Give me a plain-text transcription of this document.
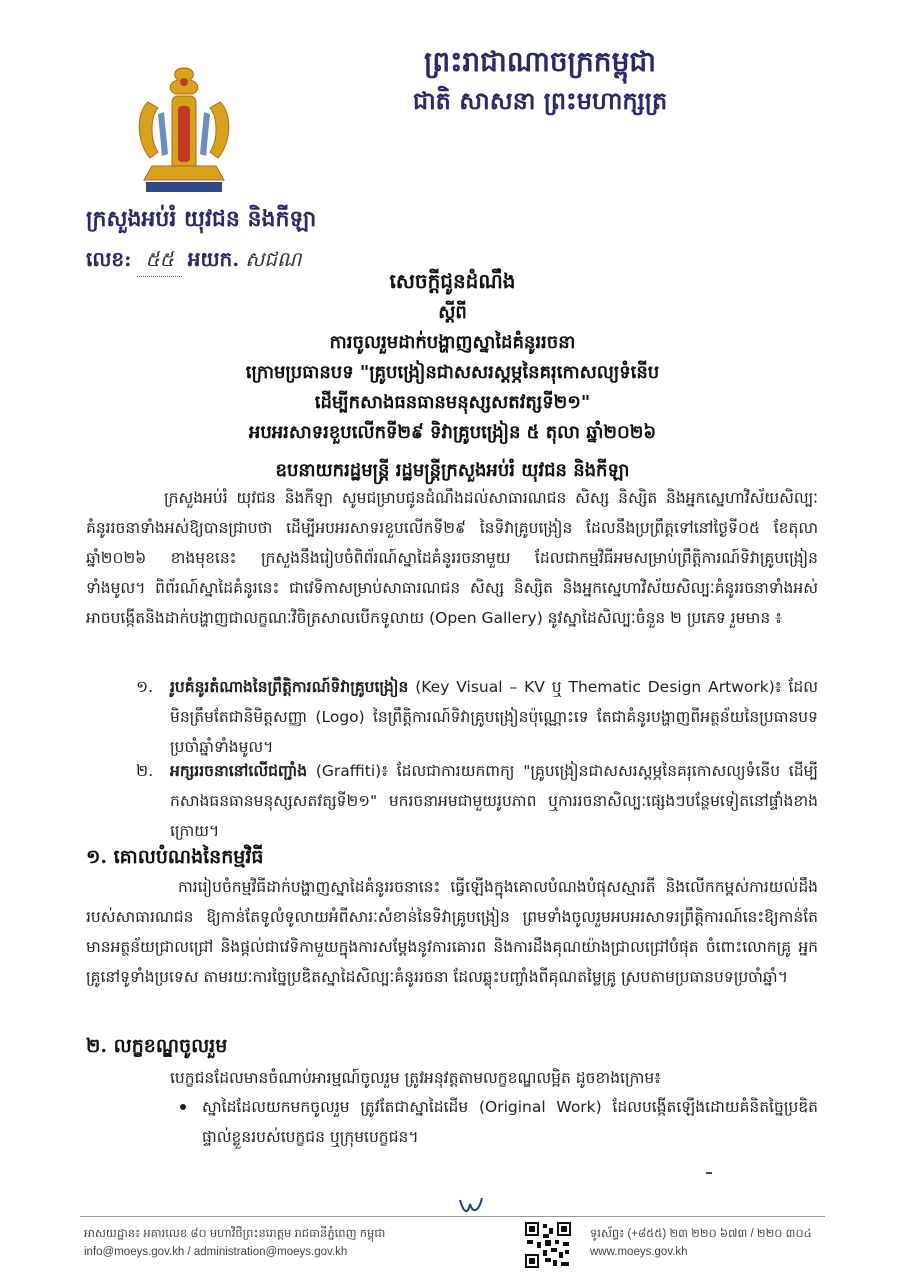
ព្រះរាជាណាចក្រកម្ពុជា
ជាតិ សាសនា ព្រះមហាក្សត្រ
ក្រសួងអប់រំ យុវជន និងកីឡា
លេខ: ៥៥ អយក. សជណ
សេចក្តីជូនដំណឹង
ស្តីពី
ការចូលរួមដាក់បង្ហាញស្នាដៃគំនូររចនា
ក្រោមប្រធានបទ "គ្រូបង្រៀនជាសសរស្តម្ភនៃគរុកោសល្យទំនើប
ដើម្បីកសាងធនធានមនុស្សសតវត្សទី២១"
អបអរសាទរខួបលើកទី២៩ ទិវាគ្រូបង្រៀន ៥ តុលា ឆ្នាំ២០២៦
ឧបនាយករដ្ឋមន្ត្រី រដ្ឋមន្ត្រីក្រសួងអប់រំ យុវជន និងកីឡា
ក្រសួងអប់រំ យុវជន និងកីឡា សូមជម្រាបជូនដំណឹងដល់សាធារណជន សិស្ស និស្សិត និងអ្នកស្នេហាវិស័យសិល្បៈគំនូររចនាទាំងអស់ឱ្យបានជ្រាបថា ដើម្បីអបអរសាទរខួបលើកទី២៩ នៃទិវាគ្រូបង្រៀន ដែលនឹងប្រព្រឹត្តទៅនៅថ្ងៃទី០៥ ខែតុលា ឆ្នាំ២០២៦ ខាងមុខនេះ ក្រសួងនឹងរៀបចំពិព័រណ៍ស្នាដៃគំនូររចនាមួយ ដែលជាកម្មវិធីអមសម្រាប់ព្រឹត្តិការណ៍ទិវាគ្រូបង្រៀនទាំងមូល។ ពិព័រណ៍ស្នាដៃគំនូរនេះ ជាវេទិកាសម្រាប់សាធារណជន សិស្ស និស្សិត និងអ្នកស្នេហាវិស័យសិល្បៈគំនូររចនាទាំងអស់ អាចបង្កើតនិងដាក់បង្ហាញជាលក្ខណៈវិចិត្រសាលបើកទូលាយ (Open Gallery) នូវស្នាដៃសិល្បៈចំនួន ២ ប្រភេទ រួមមាន ៖
១. រូបគំនូរតំណាងនៃព្រឹត្តិការណ៍ទិវាគ្រូបង្រៀន (Key Visual – KV ឬ Thematic Design Artwork)៖ ដែលមិនត្រឹមតែជានិមិត្តសញ្ញា (Logo) នៃព្រឹត្តិការណ៍ទិវាគ្រូបង្រៀនប៉ុណ្ណោះទេ តែជាគំនូរបង្ហាញពីអត្ថន័យនៃប្រធានបទប្រចាំឆ្នាំទាំងមូល។
២. អក្សររចនានៅលើជញ្ជាំង (Graffiti)៖ ដែលជាការយកពាក្យ "គ្រូបង្រៀនជាសសរស្តម្ភនៃគរុកោសល្យទំនើប ដើម្បីកសាងធនធានមនុស្សសតវត្សទី២១" មករចនាអមជាមួយរូបភាព ឬការរចនាសិល្បៈផ្សេងៗបន្ថែមទៀតនៅផ្ទាំងខាងក្រោយ។
១. គោលបំណងនៃកម្មវិធី
ការរៀបចំកម្មវិធីដាក់បង្ហាញស្នាដៃគំនូររចនានេះ ធ្វើឡើងក្នុងគោលបំណងបំផុសស្មារតី និងលើកកម្ពស់ការយល់ដឹងរបស់សាធារណជន ឱ្យកាន់តែទូលំទូលាយអំពីសារៈសំខាន់នៃទិវាគ្រូបង្រៀន ព្រមទាំងចូលរួមអបអរសាទរព្រឹត្តិការណ៍នេះឱ្យកាន់តែមានអត្ថន័យជ្រាលជ្រៅ និងផ្តល់ជាវេទិកាមួយក្នុងការសម្តែងនូវការគោរព និងការដឹងគុណយ៉ាងជ្រាលជ្រៅបំផុត ចំពោះលោកគ្រូ អ្នកគ្រូនៅទូទាំងប្រទេស តាមរយៈការច្នៃប្រឌិតស្នាដៃសិល្បៈគំនូររចនា ដែលឆ្លុះបញ្ចាំងពីគុណតម្លៃគ្រូ ស្របតាមប្រធានបទប្រចាំឆ្នាំ។
២. លក្ខខណ្ឌចូលរួម
បេក្ខជនដែលមានចំណាប់អារម្មណ៍ចូលរួម ត្រូវអនុវត្តតាមលក្ខខណ្ឌលម្អិត ដូចខាងក្រោម៖
ស្នាដៃដែលយកមកចូលរួម ត្រូវតែជាស្នាដៃដើម (Original Work) ដែលបង្កើតឡើងដោយគំនិតច្នៃប្រឌិតផ្ទាល់ខ្លួនរបស់បេក្ខជន ឬក្រុមបេក្ខជន។
អាសយដ្ឋាន៖ អគារលេខ ៨០ មហាវិថីព្រះនរោត្តម រាជធានីភ្នំពេញ កម្ពុជា
info@moeys.gov.kh / administration@moeys.gov.kh
ទូរស័ព្ទ៖ (+៨៥៥) ២៣ ២២០ ៦៧៣ / ២២០ ៣០៤
www.moeys.gov.kh
